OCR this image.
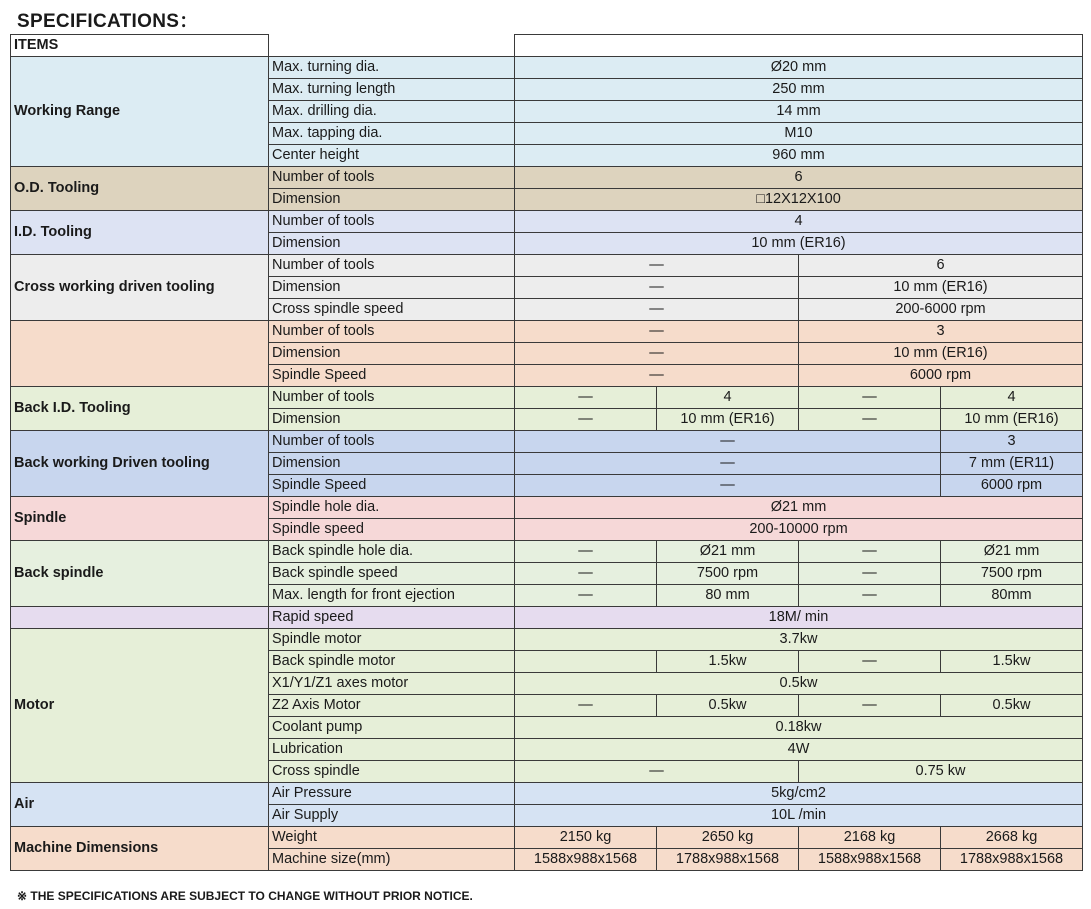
SPECIFICATIONS：
ITEMS					
Working Range	Max. turning dia.	Ø20 mm			
	Max. turning length	250 mm			
	Max. drilling dia.	14 mm			
	Max. tapping dia.	M10			
	Center height	960 mm			
O.D. Tooling	Number of tools	6			
	Dimension	□12X12X100			
I.D. Tooling	Number of tools	4			
	Dimension	10 mm (ER16)			
Cross working driven tooling	Number of tools	—		6	
	Dimension	—		10 mm (ER16)	
	Cross spindle speed	—		200-6000 rpm	
	Number of tools	—		3	
	Dimension	—		10 mm (ER16)	
	Spindle Speed	—		6000 rpm	
Back I.D. Tooling	Number of tools	—	4	—	4
	Dimension	—	10 mm (ER16)	—	10 mm (ER16)
Back working Driven tooling	Number of tools	—			3
	Dimension	—			7 mm (ER11)
	Spindle Speed	—			6000 rpm
Spindle	Spindle hole dia.	Ø21 mm			
	Spindle speed	200-10000 rpm			
Back spindle	Back spindle hole dia.	—	Ø21 mm	—	Ø21 mm
	Back spindle speed	—	7500 rpm	—	7500 rpm
	Max. length for front ejection	—	80 mm	—	80mm
	Rapid speed	18M/ min			
Motor	Spindle motor	3.7kw			
	Back spindle motor		1.5kw	—	1.5kw
	X1/Y1/Z1 axes motor	0.5kw			
	Z2 Axis Motor	—	0.5kw	—	0.5kw
	Coolant pump	0.18kw			
	Lubrication	4W			
	Cross spindle	—		0.75 kw	
Air	Air Pressure	5kg/cm2			
	Air Supply	10L /min			
Machine Dimensions	Weight	2150 kg	2650 kg	2168 kg	2668 kg
	Machine size(mm)	1588x988x1568	1788x988x1568	1588x988x1568	1788x988x1568
※ THE SPECIFICATIONS ARE SUBJECT TO CHANGE WITHOUT PRIOR NOTICE.
